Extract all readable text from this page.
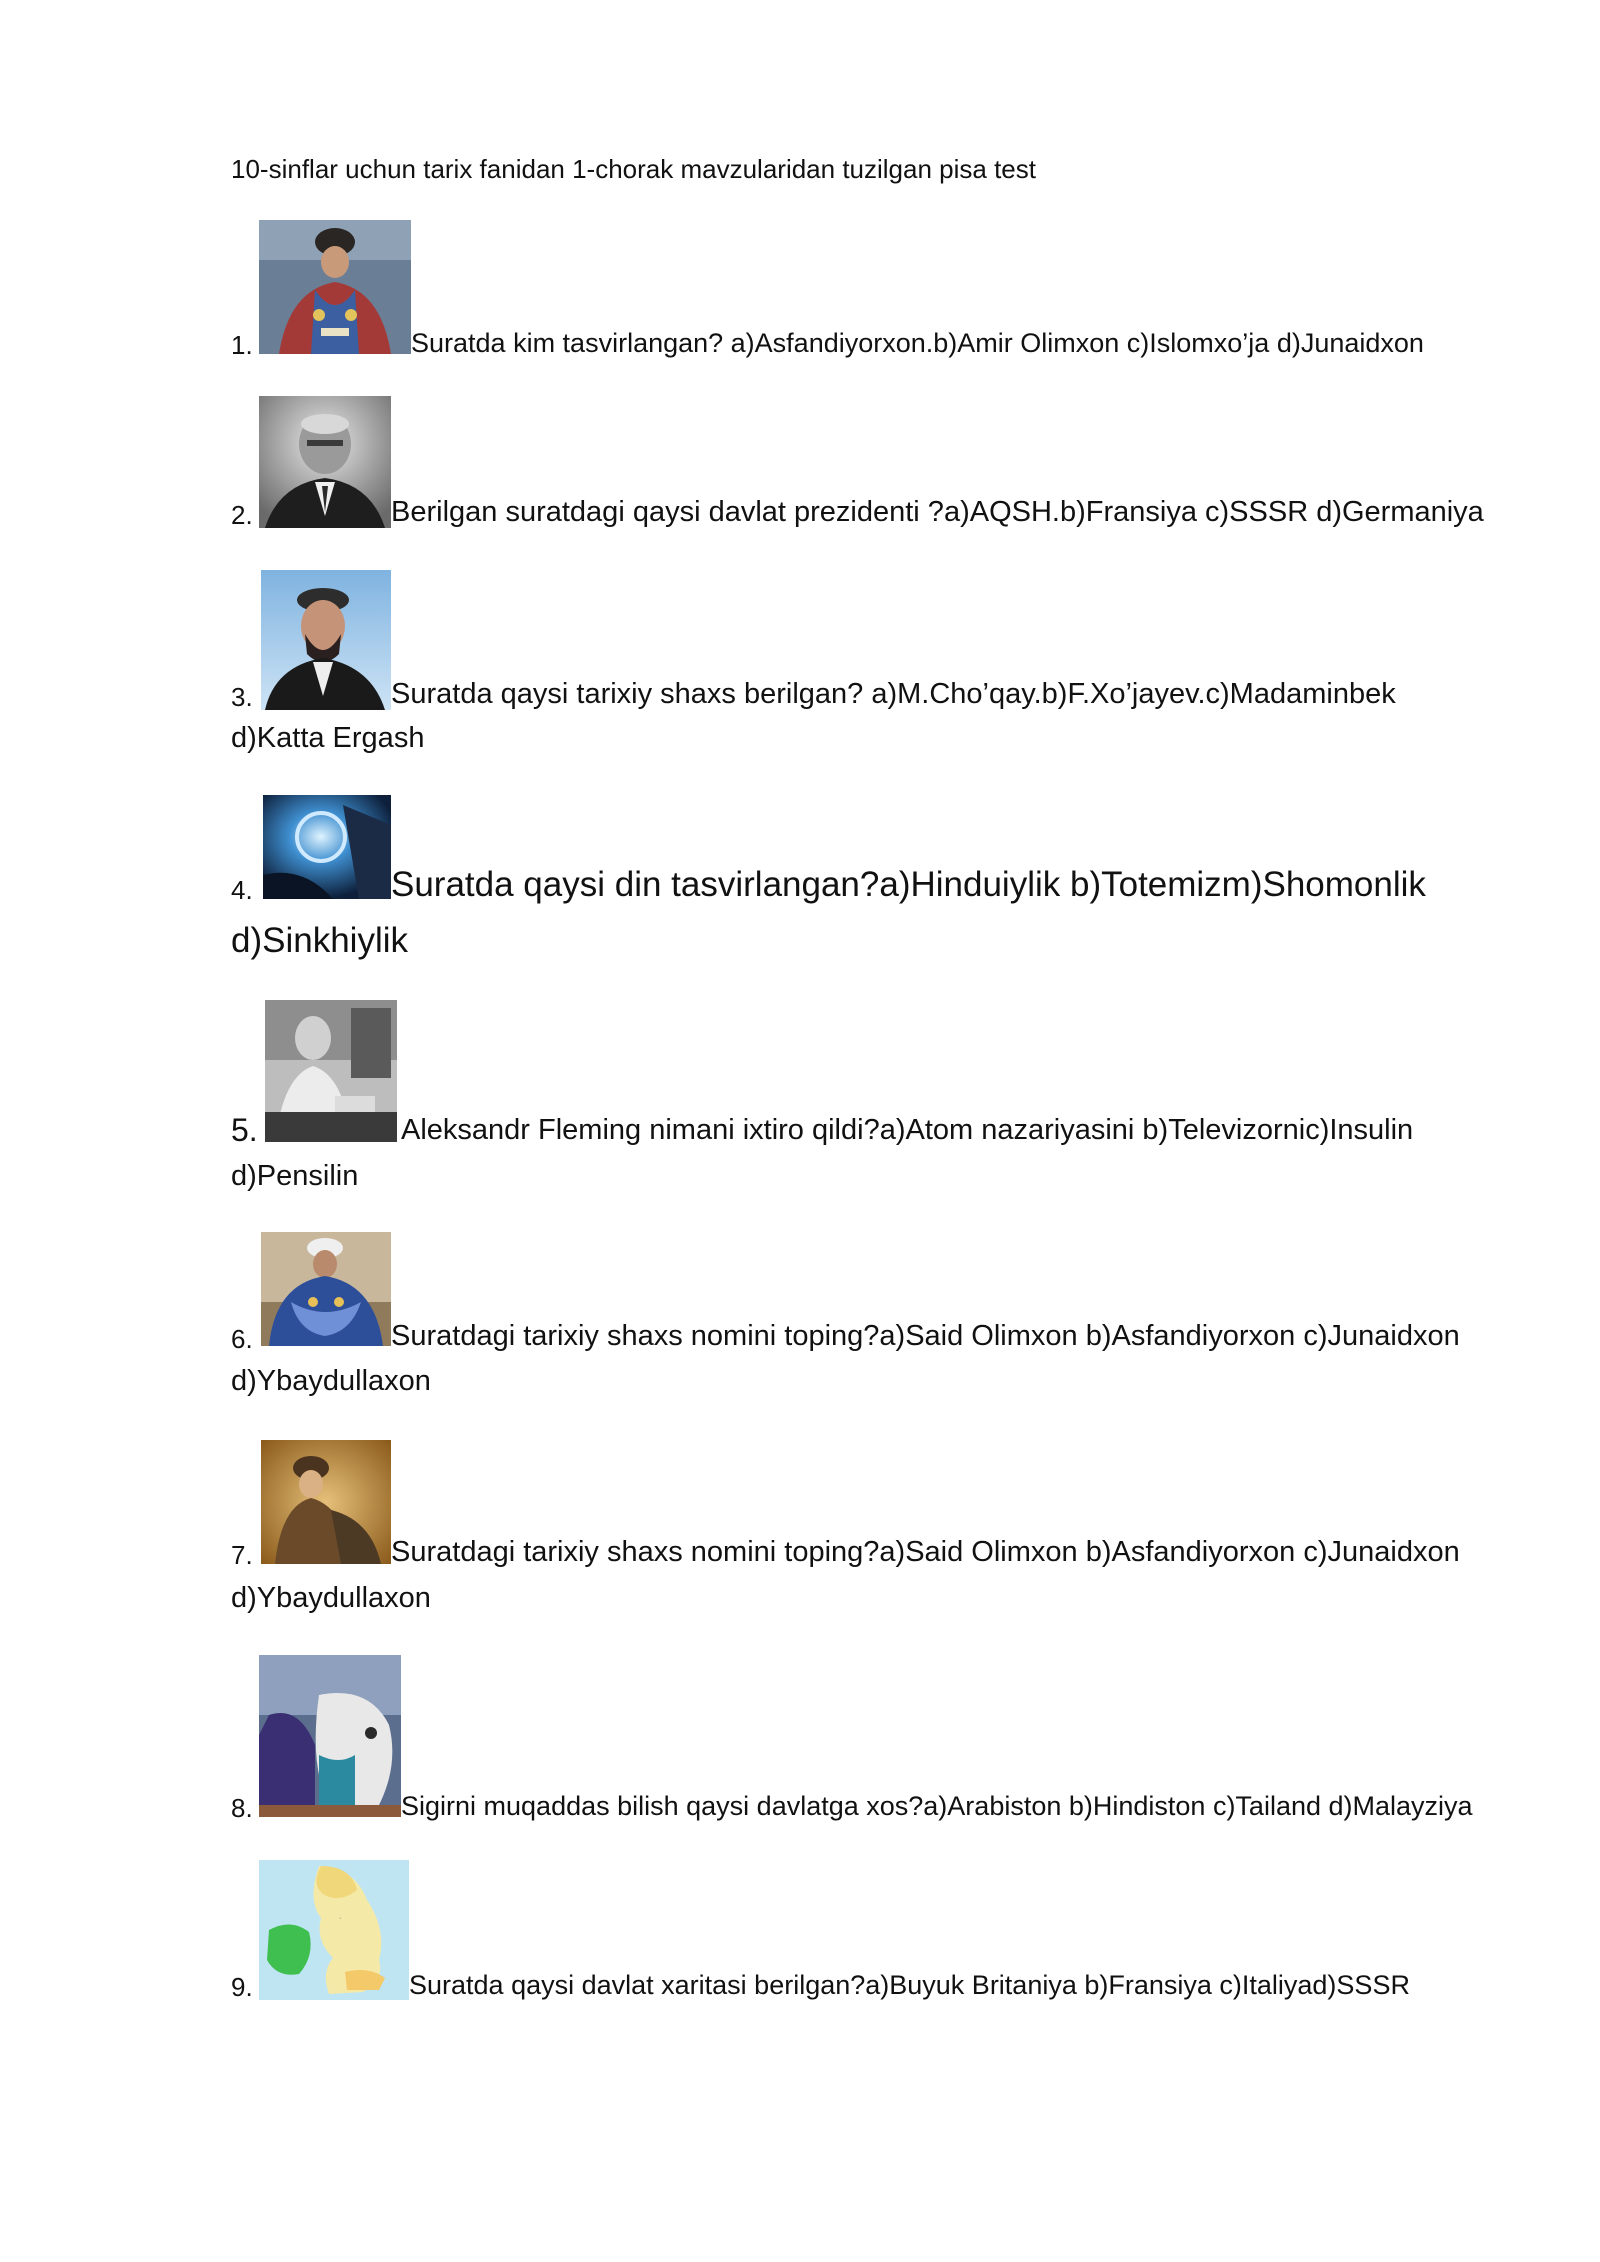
10-sinflar uchun tarix fanidan 1-chorak mavzularidan tuzilgan pisa test
1.	Suratda kim tasvirlangan? a)Asfandiyorxon.b)Amir Olimxon c)Islomxo’ja d)Junaidxon
2.	Berilgan suratdagi qaysi davlat prezidenti ?a)AQSH.b)Fransiya c)SSSR d)Germaniya
3.	Suratda qaysi tarixiy shaxs berilgan? a)M.Cho’qay.b)F.Xo’jayev.c)Madaminbek
d)Katta Ergash
4.	Suratda qaysi din tasvirlangan?a)Hinduiylik b)Totemizm)Shomonlik
d)Sinkhiylik
5.	Aleksandr Fleming nimani ixtiro qildi?a)Atom nazariyasini b)Televizornic)Insulin
d)Pensilin
6.	Suratdagi tarixiy shaxs nomini toping?a)Said Olimxon b)Asfandiyorxon c)Junaidxon
d)Ybaydullaxon
7.	Suratdagi tarixiy shaxs nomini toping?a)Said Olimxon b)Asfandiyorxon c)Junaidxon
d)Ybaydullaxon
8.	Sigirni muqaddas bilish qaysi davlatga xos?a)Arabiston b)Hindiston c)Tailand d)Malayziya
·
9.	Suratda qaysi davlat xaritasi berilgan?a)Buyuk Britaniya b)Fransiya c)Italiyad)SSSR
